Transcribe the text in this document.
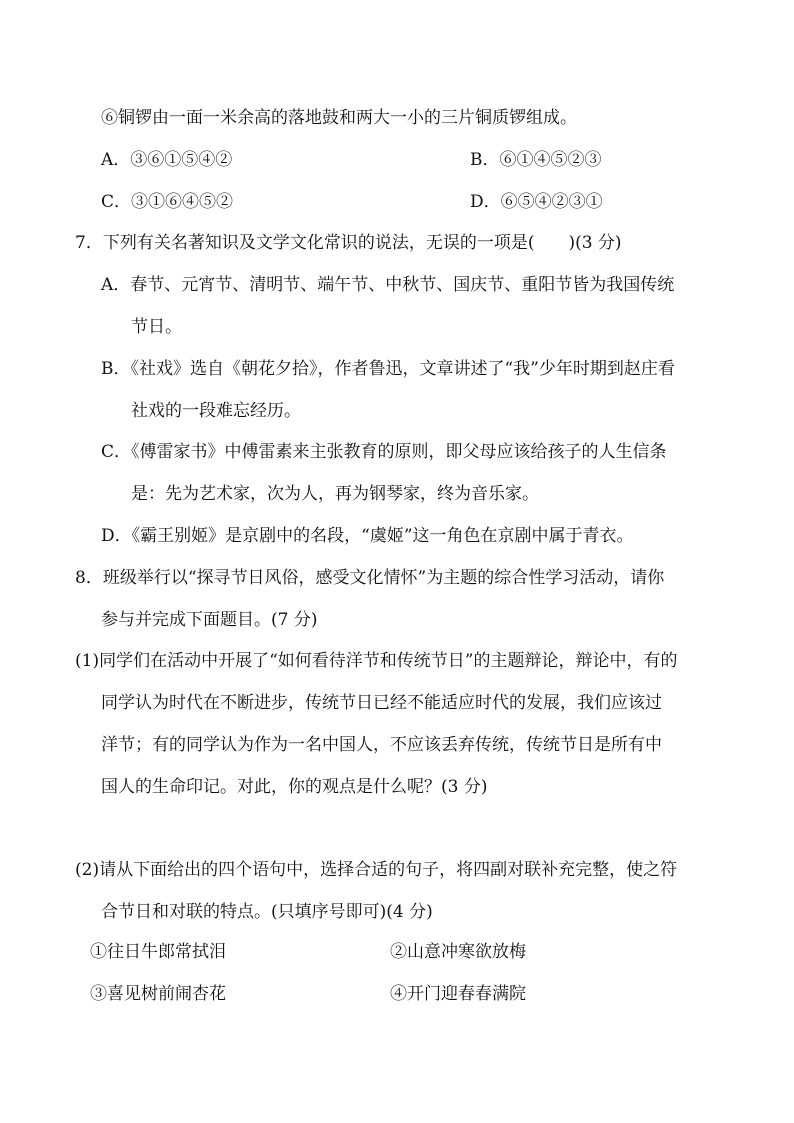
⑥铜锣由一面一米余高的落地鼓和两大一小的三片铜质锣组成。
A．③⑥①⑤④②	B．⑥①④⑤②③
C．③①⑥④⑤②	D．⑥⑤④②③①
7．下列有关名著知识及文学文化常识的说法，无误的一项是(　　)(3 分)
A．春节、元宵节、清明节、端午节、中秋节、国庆节、重阳节皆为我国传统
节日。
B．《社戏》选自《朝花夕拾》，作者鲁迅，文章讲述了“我”少年时期到赵庄看
社戏的一段难忘经历。
C．《傅雷家书》中傅雷素来主张教育的原则，即父母应该给孩子的人生信条
是：先为艺术家，次为人，再为钢琴家，终为音乐家。
D．《霸王别姬》是京剧中的名段，“虞姬”这一角色在京剧中属于青衣。
8．班级举行以“探寻节日风俗，感受文化情怀”为主题的综合性学习活动，请你
参与并完成下面题目。(7 分)
(1)同学们在活动中开展了“如何看待洋节和传统节日”的主题辩论，辩论中，有的
同学认为时代在不断进步，传统节日已经不能适应时代的发展，我们应该过
洋节；有的同学认为作为一名中国人，不应该丢弃传统，传统节日是所有中
国人的生命印记。对此，你的观点是什么呢？(3 分)
(2)请从下面给出的四个语句中，选择合适的句子，将四副对联补充完整，使之符
合节日和对联的特点。(只填序号即可)(4 分)
①往日牛郎常拭泪	②山意冲寒欲放梅
③喜见树前闹杏花	④开门迎春春满院
